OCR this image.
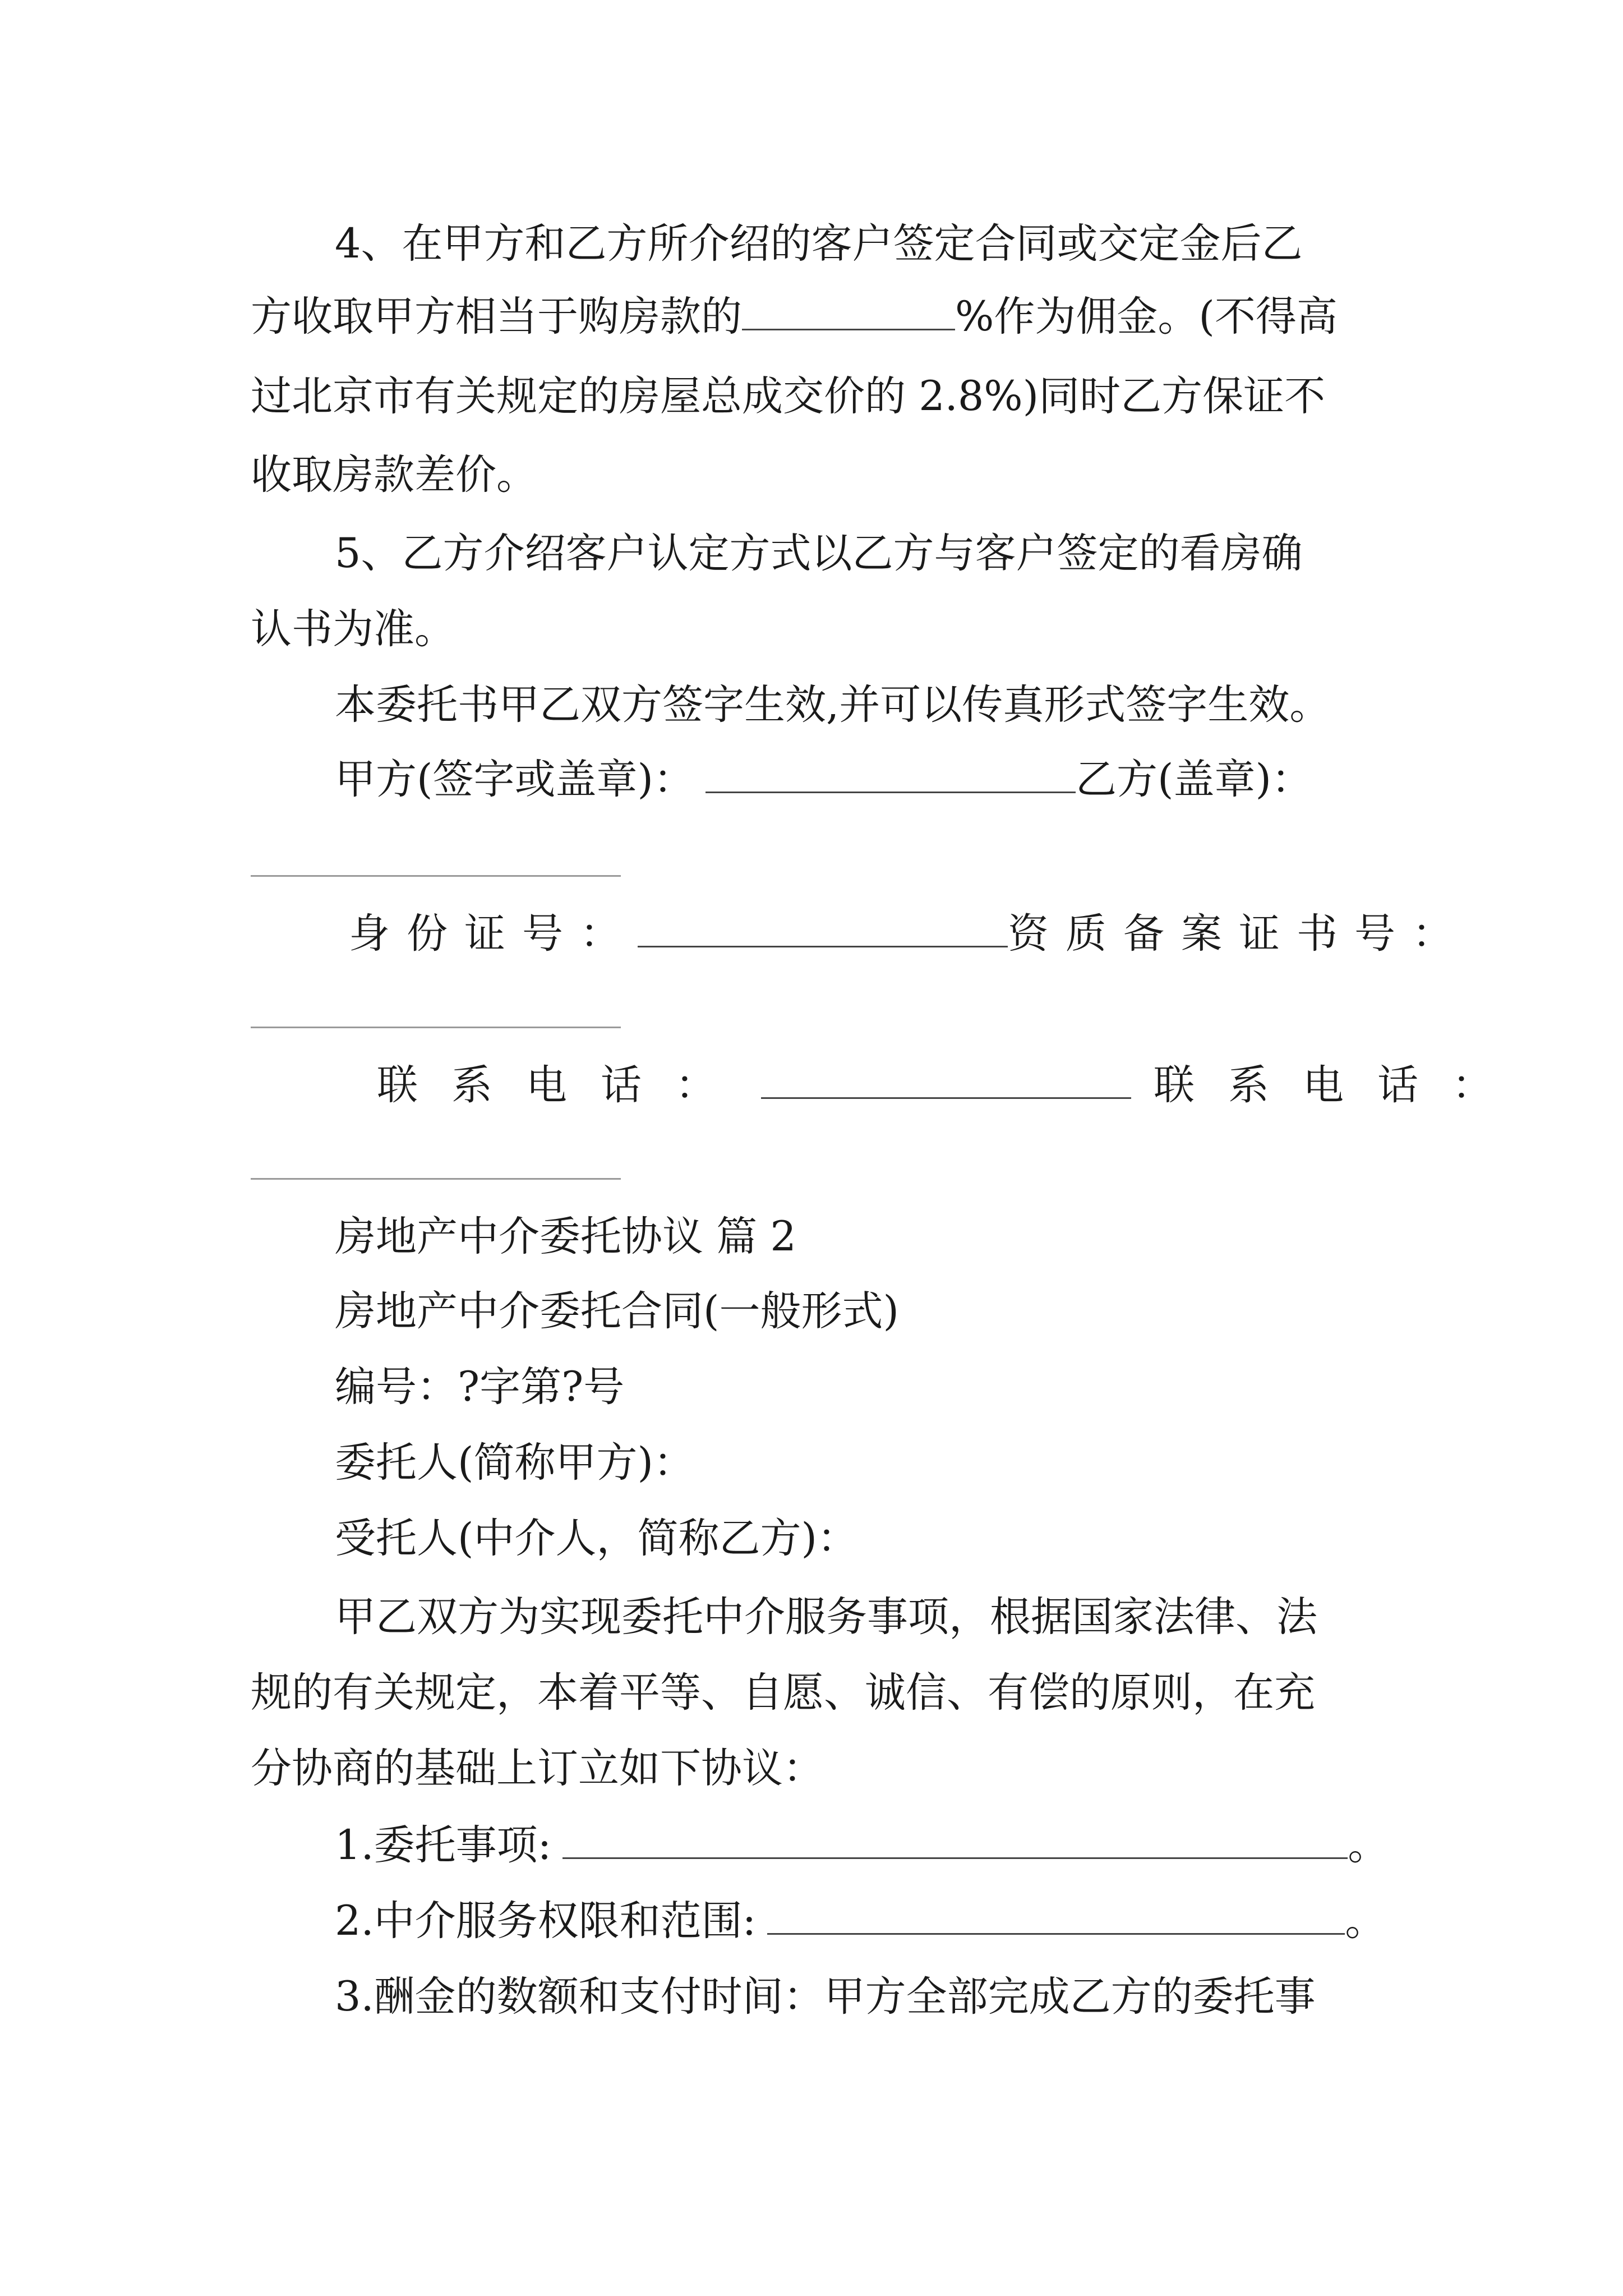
4、在甲方和乙方所介绍的客户签定合同或交定金后乙
方收取甲方相当于购房款的	%作为佣金。(不得高
过北京市有关规定的房屋总成交价的 2.8%)同时乙方保证不
收取房款差价。
5、乙方介绍客户认定方式以乙方与客户签定的看房确
认书为准。
本委托书甲乙双方签字生效,并可以传真形式签字生效。
甲方(签字或盖章)：	乙方(盖章)：
身份证号：	资质备案证书号：
联系电话：	联系电话：
房地产中介委托协议 篇 2
房地产中介委托合同(一般形式)
编号：?字第?号
委托人(简称甲方)：
受托人(中介人，简称乙方)：
甲乙双方为实现委托中介服务事项，根据国家法律、法
规的有关规定，本着平等、自愿、诚信、有偿的原则，在充
分协商的基础上订立如下协议：
1.委托事项:	。
2.中介服务权限和范围:	。
3.酬金的数额和支付时间：甲方全部完成乙方的委托事
